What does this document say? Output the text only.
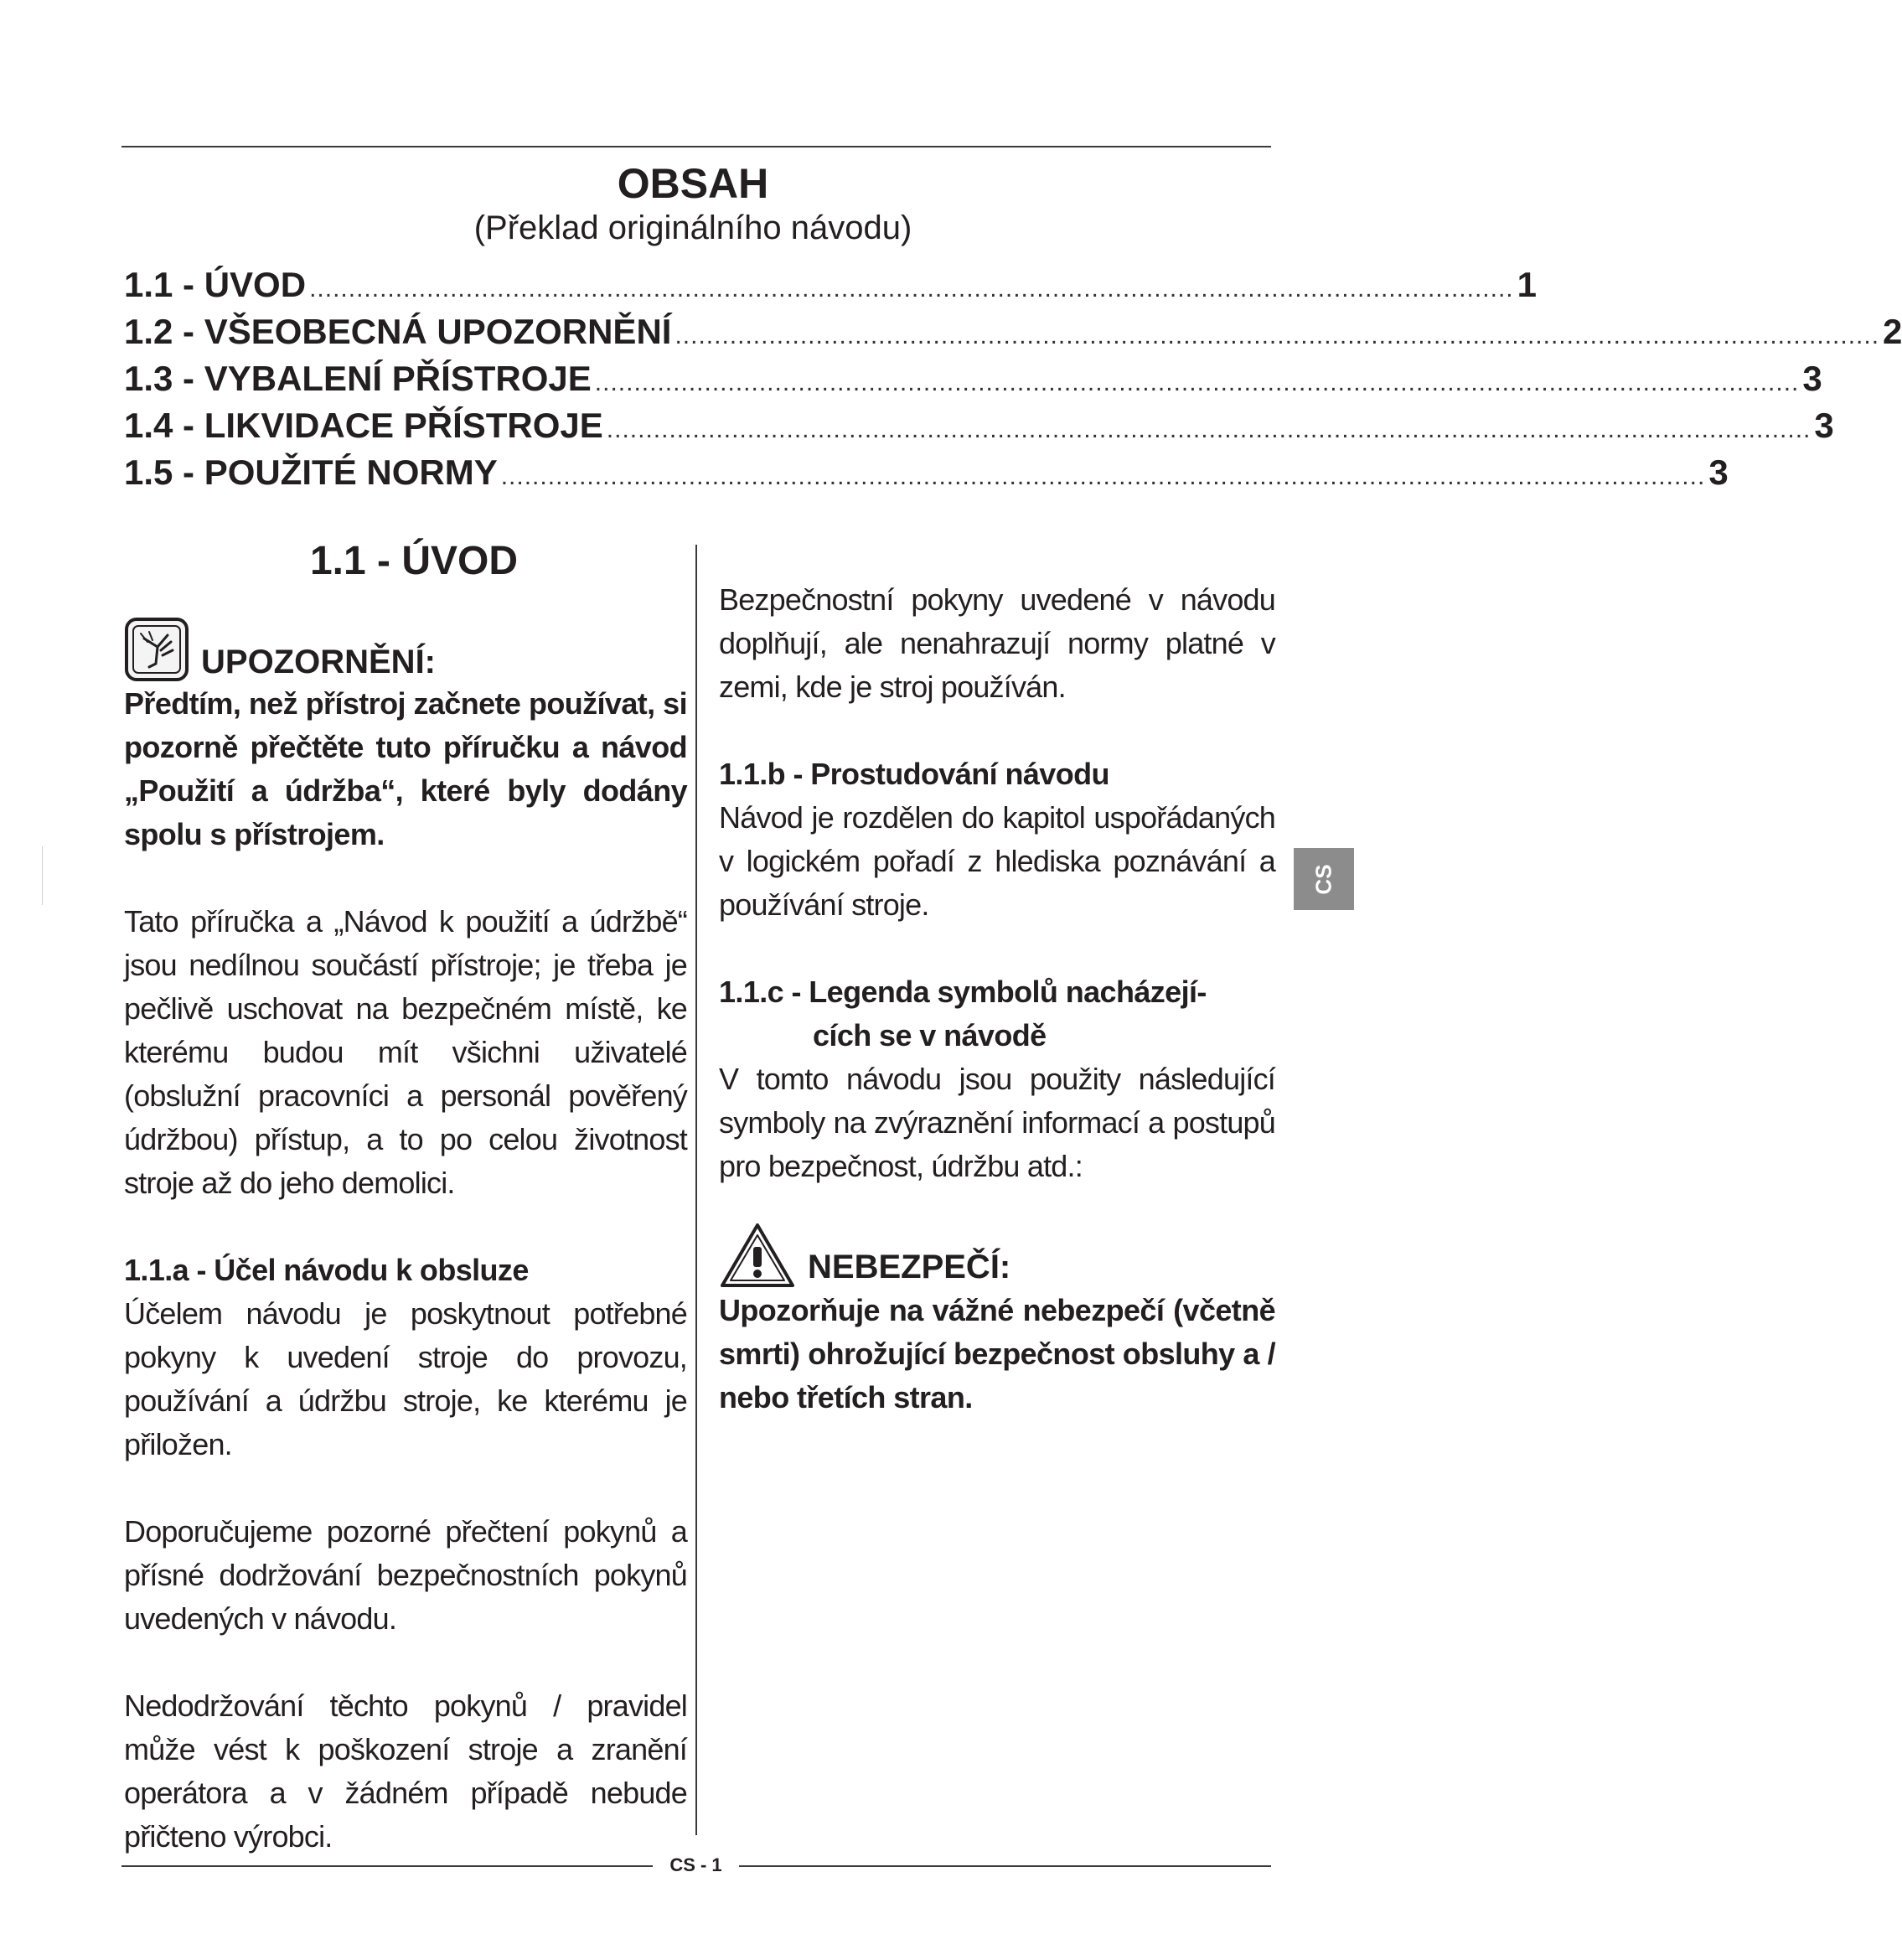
OBSAH
(Překlad originálního návodu)
1.1 - ÚVOD .......................................................................................................................................................... 1
1.2 - VŠEOBECNÁ UPOZORNĚNÍ .......................................................................................................................................................... 2
1.3 - VYBALENÍ PŘÍSTROJE .......................................................................................................................................................... 3
1.4 - LIKVIDACE PŘÍSTROJE .......................................................................................................................................................... 3
1.5 - POUŽITÉ NORMY .......................................................................................................................................................... 3
1.1 - ÚVOD
UPOZORNĚNÍ:

Předtím, než přístroj začnete používat, si pozorně přečtěte tuto příručku a návod „Použití a údržba“, které byly dodány spolu s přístrojem.

Tato příručka a „Návod k použití a údržbě“ jsou nedílnou součástí přístroje; je třeba je pečlivě uschovat na bezpečném místě, ke kterému budou mít všichni uživatelé (obslužní pracovníci a personál pověřený údržbou) přístup, a to po celou životnost stroje až do jeho demolici.

1.1.a - Účel návodu k obsluze

Účelem návodu je poskytnout potřebné pokyny k uvedení stroje do provozu, používání a údržbu stroje, ke kterému je přiložen.

Doporučujeme pozorné přečtení pokynů a přísné dodržování bezpečnostních pokynů uvedených v návodu.

Nedodržování těchto pokynů / pravidel může vést k poškození stroje a zranění operátora a v žádném případě nebude přičteno výrobci.

Bezpečnostní pokyny uvedené v návodu doplňují, ale nenahrazují normy platné v zemi, kde je stroj používán.

1.1.b - Prostudování návodu

Návod je rozdělen do kapitol uspořádaných v logickém pořadí z hlediska poznávání a používání stroje.

1.1.c - Legenda symbolů nacházejí-

cích se v návodě

V tomto návodu jsou použity následující symboly na zvýraznění informací a postupů pro bezpečnost, údržbu atd.:

NEBEZPEČÍ:

Upozorňuje na vážné nebezpečí (včetně smrti) ohrožující bezpečnost obsluhy a / nebo třetích stran.

CS
CS - 1
